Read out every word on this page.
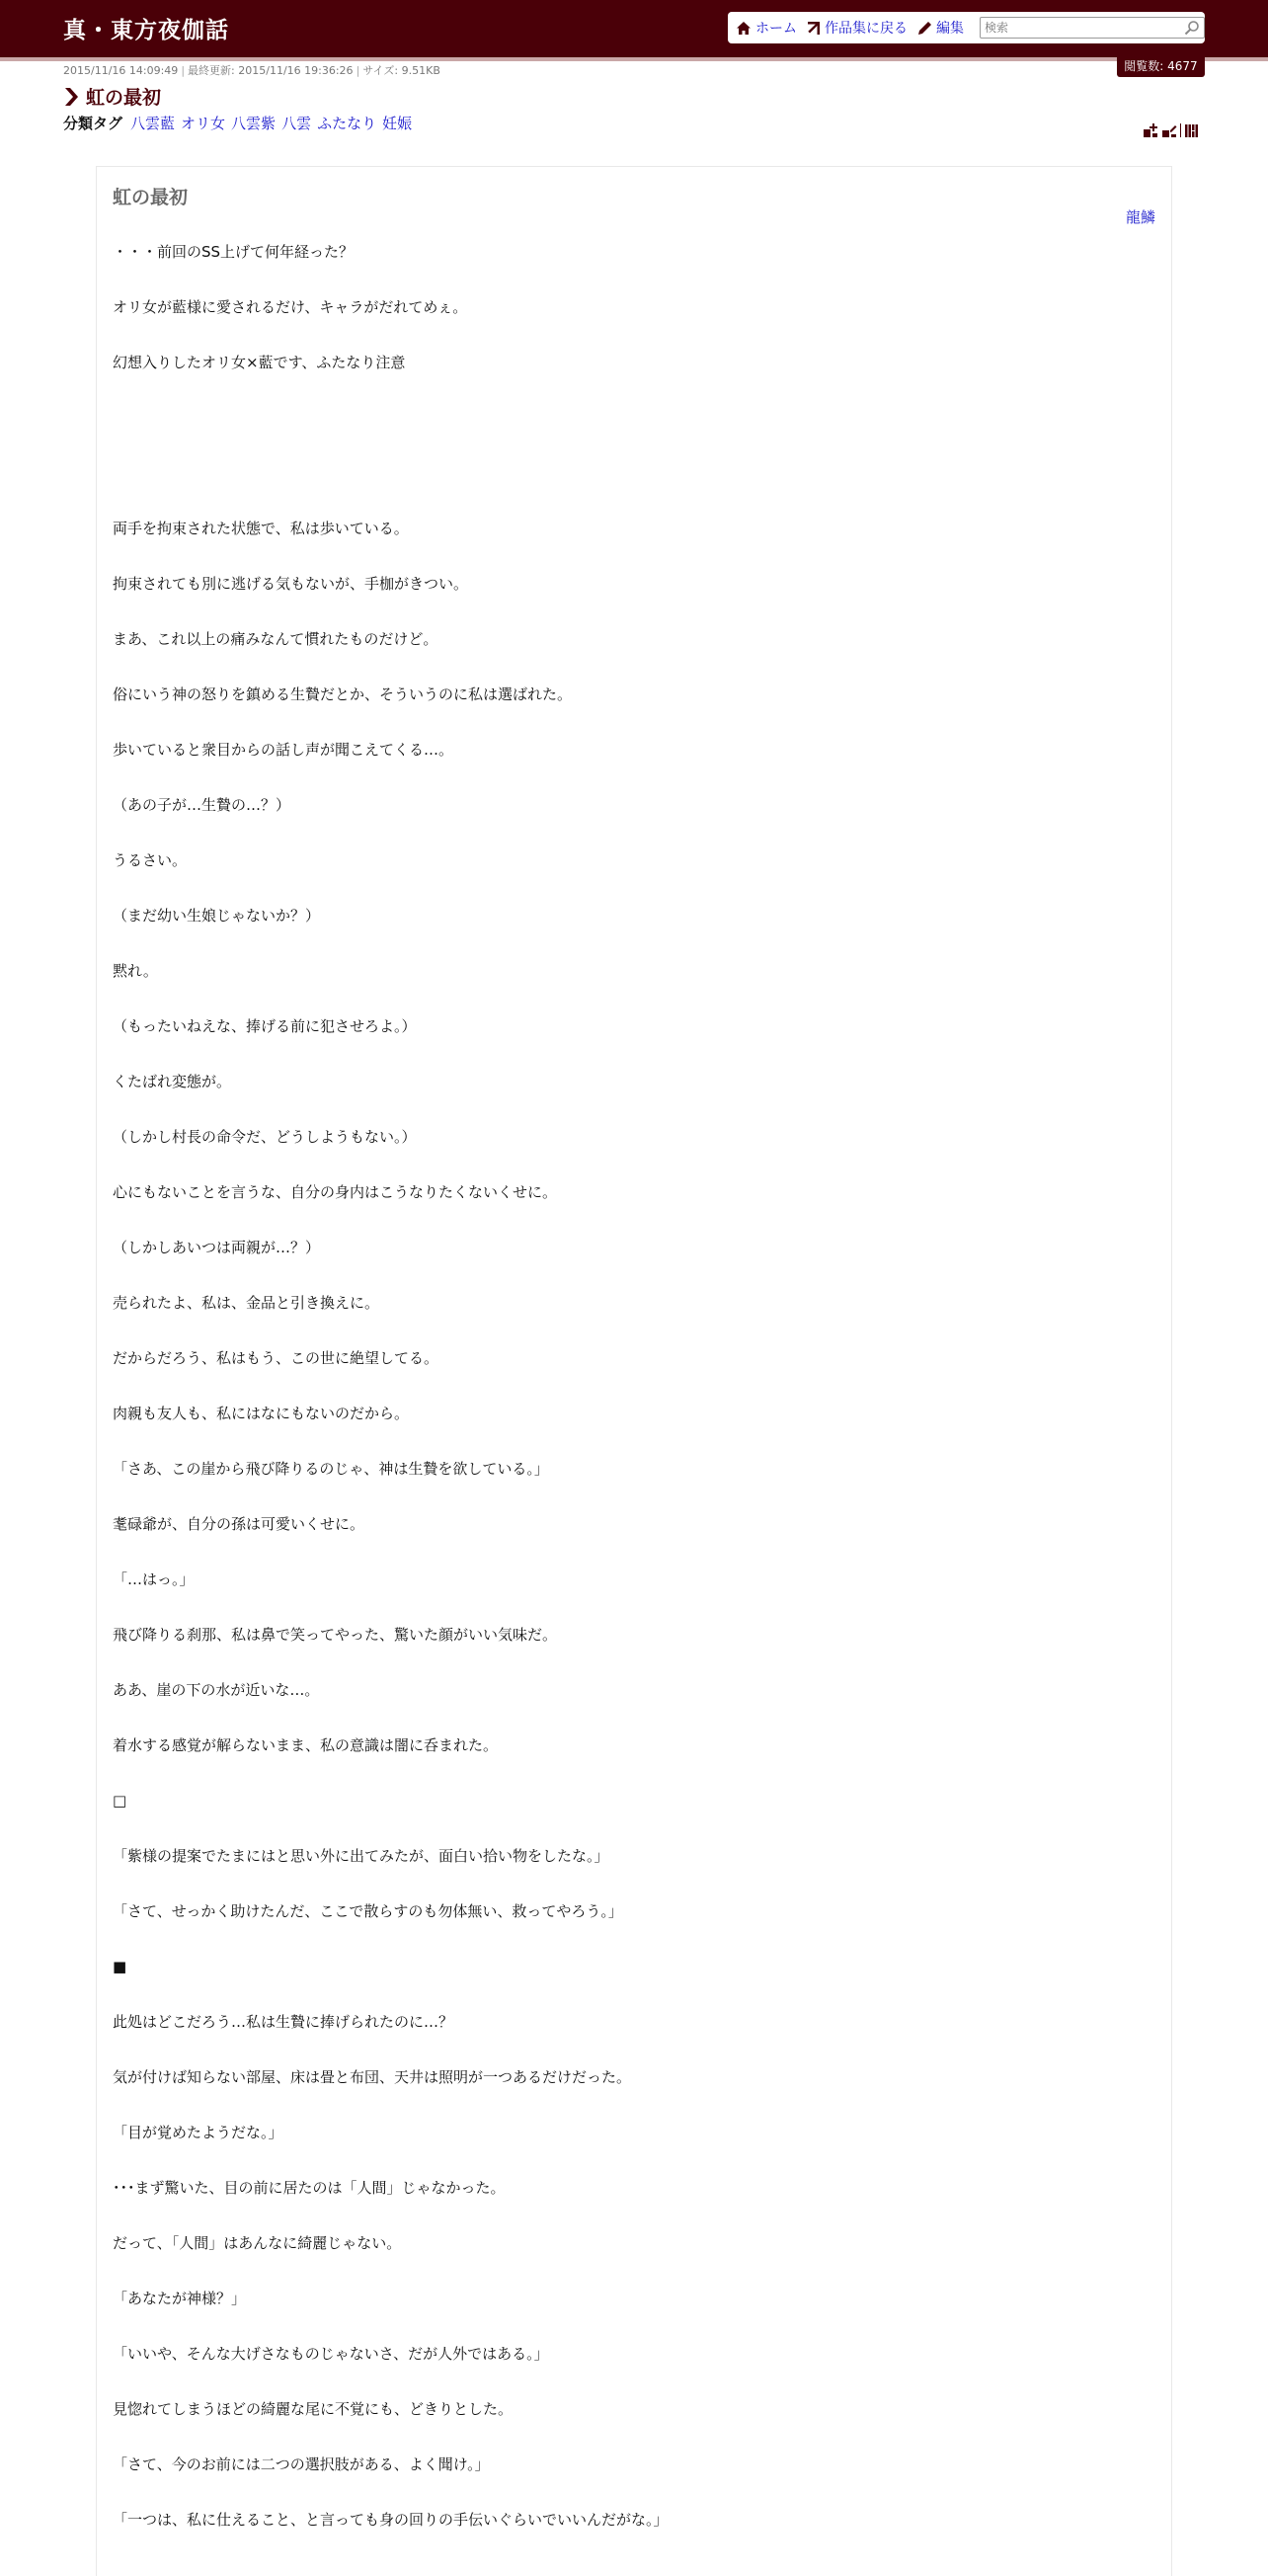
真・東方夜伽話	ホーム 作品集に戻る 編集
検索
閲覧数: 4677
2015/11/16 14:09:49 | 最終更新: 2015/11/16 19:36:26 | サイズ: 9.51KB
虹の最初
分類タグ 八雲藍 オリ女 八雲紫 八雲 ふたなり 妊娠
虹の最初
龍鱗
・・・前回のSS上げて何年経った？
オリ女が藍様に愛されるだけ、キャラがだれてめぇ。
幻想入りしたオリ女×藍です、ふたなり注意
両手を拘束された状態で、私は歩いている。
拘束されても別に逃げる気もないが、手枷がきつい。
まあ、これ以上の痛みなんて慣れたものだけど。
俗にいう神の怒りを鎮める生贄だとか、そういうのに私は選ばれた。
歩いていると衆目からの話し声が聞こえてくる…。
（あの子が…生贄の…？）
うるさい。
（まだ幼い生娘じゃないか？）
黙れ。
（もったいねえな、捧げる前に犯させろよ。）
くたばれ変態が。
（しかし村長の命令だ、どうしようもない。）
心にもないことを言うな、自分の身内はこうなりたくないくせに。
（しかしあいつは両親が…？）
売られたよ、私は、金品と引き換えに。
だからだろう、私はもう、この世に絶望してる。
肉親も友人も、私にはなにもないのだから。
「さあ、この崖から飛び降りるのじゃ、神は生贄を欲している。」
耄碌爺が、自分の孫は可愛いくせに。
「…はっ。」
飛び降りる刹那、私は鼻で笑ってやった、驚いた顔がいい気味だ。
ああ、崖の下の水が近いな…。
着水する感覚が解らないまま、私の意識は闇に呑まれた。
□
「紫様の提案でたまにはと思い外に出てみたが、面白い拾い物をしたな。」
「さて、せっかく助けたんだ、ここで散らすのも勿体無い、救ってやろう。」
■
此処はどこだろう…私は生贄に捧げられたのに…？
気が付けば知らない部屋、床は畳と布団、天井は照明が一つあるだけだった。
「目が覚めたようだな。」
･･･まず驚いた、目の前に居たのは「人間」じゃなかった。
だって、「人間」はあんなに綺麗じゃない。
「あなたが神様？」
「いいや、そんな大げさなものじゃないさ、だが人外ではある。」
見惚れてしまうほどの綺麗な尾に不覚にも、どきりとした。
「さて、今のお前には二つの選択肢がある、よく聞け。」
「一つは、私に仕えること、と言っても身の回りの手伝いぐらいでいいんだがな。」
